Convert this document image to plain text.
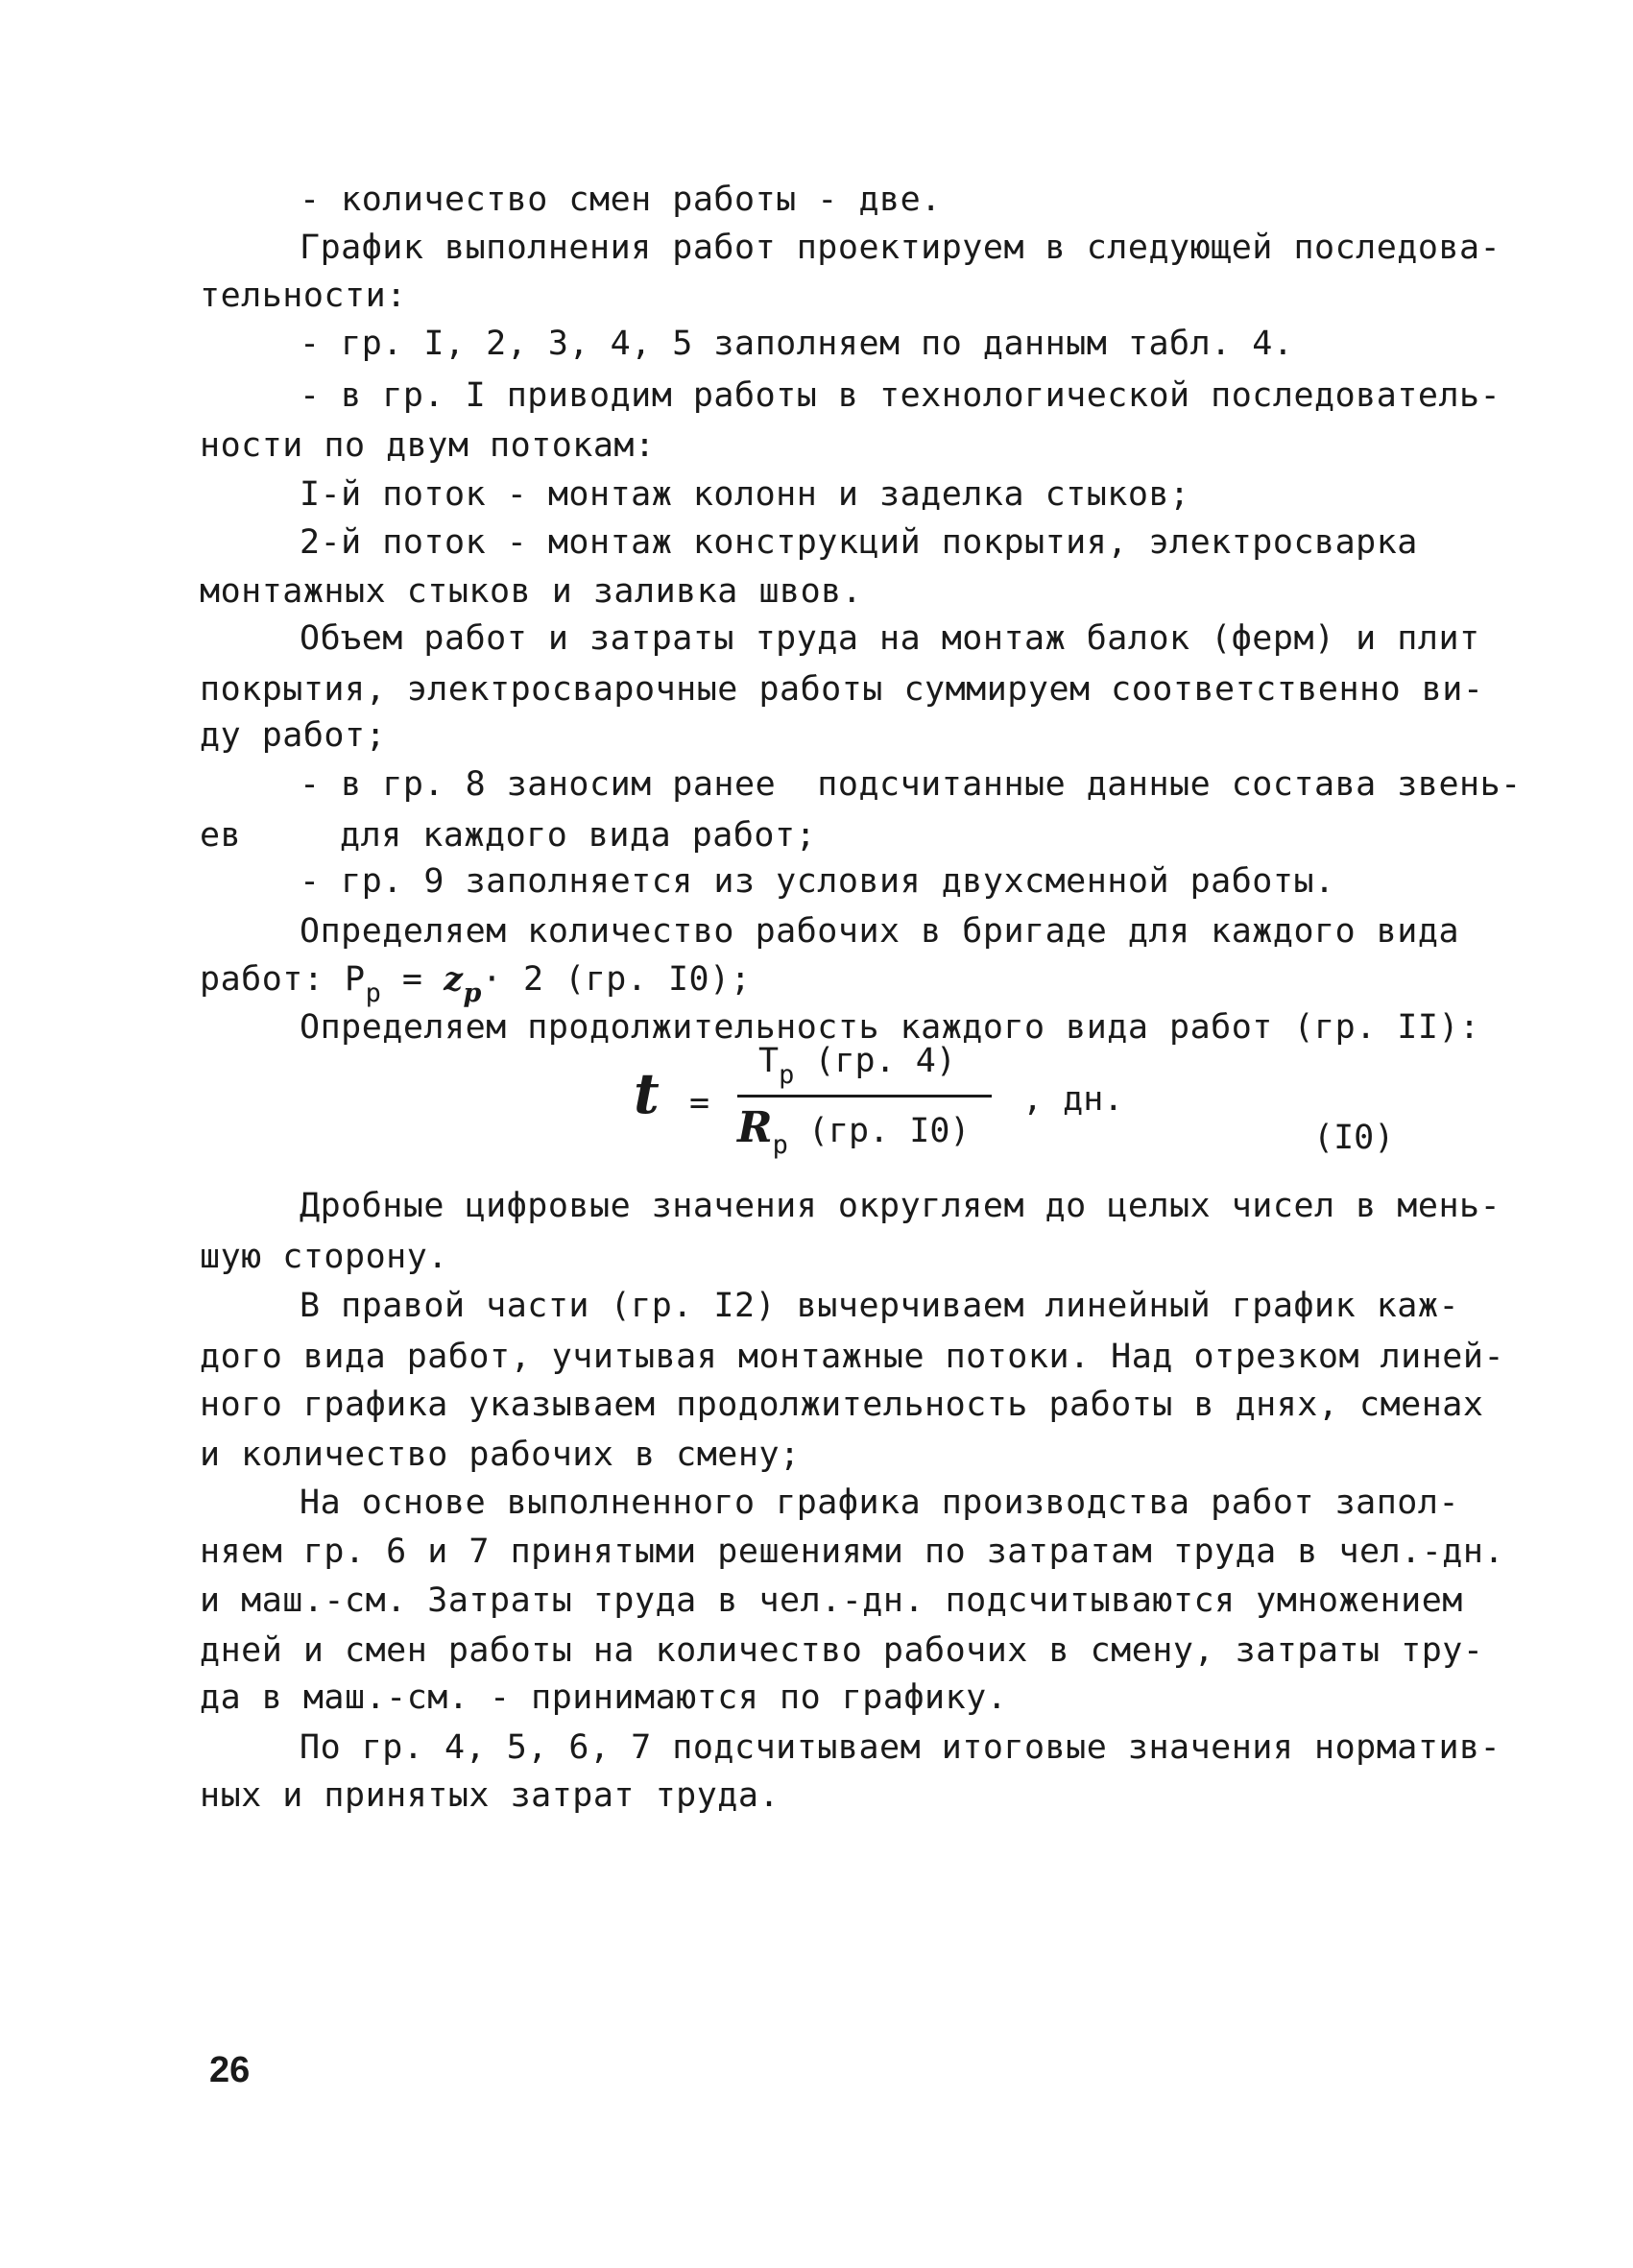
- количество смен работы - две.

График выполнения работ проектируем в следующей последова-

тельности:

- гр. I, 2, 3, 4, 5 заполняем по данным табл. 4.

- в гр. I приводим работы в технологической последователь-

ности по двум потокам:

I-й поток - монтаж колонн и заделка стыков;

2-й поток - монтаж конструкций покрытия, электросварка

монтажных стыков и заливка швов.

Объем работ и затраты труда на монтаж балок (ферм) и плит

покрытия, электросварочные работы суммируем соответственно ви-

ду работ;

- в гр. 8 заносим ранее  подсчитанные данные состава звень-

ев	для каждого вида работ;

- гр. 9 заполняется из условия двухсменной работы.

Определяем количество рабочих в бригаде для каждого вида

работ: $P_p = z_p\cdot 2$ (гр. I0);

Определяем продолжительность каждого вида работ (гр. II):

t =
$T_p$ (гр. 4)
$R_p$ (гр. I0)
, дн.
(I0)

Дробные цифровые значения округляем до целых чисел в мень-

шую сторону.

В правой части (гр. I2) вычерчиваем линейный график каж-

дого вида работ, учитывая монтажные потоки. Над отрезком линей-

ного графика указываем продолжительность работы в днях, сменах

и количество рабочих в смену;

На основе выполненного графика производства работ запол-

няем гр. 6 и 7 принятыми решениями по затратам труда в чел.-дн.

и маш.-см. Затраты труда в чел.-дн. подсчитываются умножением

дней и смен работы на количество рабочих в смену, затраты тру-

да в маш.-см. - принимаются по графику.

По гр. 4, 5, 6, 7 подсчитываем итоговые значения норматив-

ных и принятых затрат труда.

26
